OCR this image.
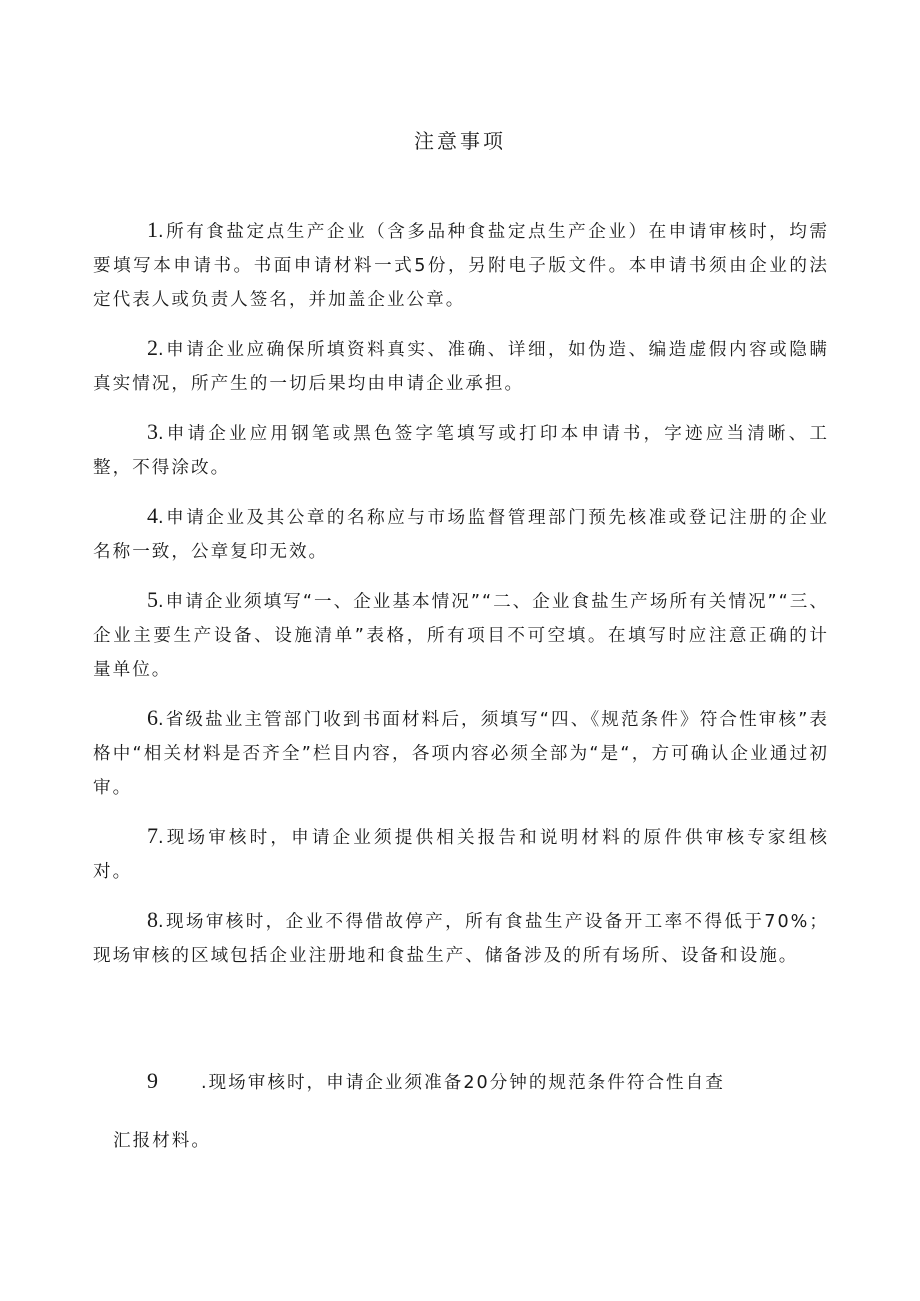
注意事项

1.所有食盐定点生产企业（含多品种食盐定点生产企业）在申请审核时，均需要填写本申请书。书面申请材料一式5份，另附电子版文件。本申请书须由企业的法定代表人或负责人签名，并加盖企业公章。

2.申请企业应确保所填资料真实、准确、详细，如伪造、编造虚假内容或隐瞒真实情况，所产生的一切后果均由申请企业承担。

3.申请企业应用钢笔或黑色签字笔填写或打印本申请书，字迹应当清晰、工整，不得涂改。

4.申请企业及其公章的名称应与市场监督管理部门预先核准或登记注册的企业名称一致，公章复印无效。

5.申请企业须填写“一、企业基本情况”“二、企业食盐生产场所有关情况”“三、企业主要生产设备、设施清单”表格，所有项目不可空填。在填写时应注意正确的计量单位。

6.省级盐业主管部门收到书面材料后，须填写“四、《规范条件》符合性审核”表格中“相关材料是否齐全”栏目内容，各项内容必须全部为“是“，方可确认企业通过初审。

7.现场审核时，申请企业须提供相关报告和说明材料的原件供审核专家组核对。

8.现场审核时，企业不得借故停产，所有食盐生产设备开工率不得低于70%；现场审核的区域包括企业注册地和食盐生产、储备涉及的所有场所、设备和设施。

9 .现场审核时，申请企业须准备20分钟的规范条件符合性自查
汇报材料。
